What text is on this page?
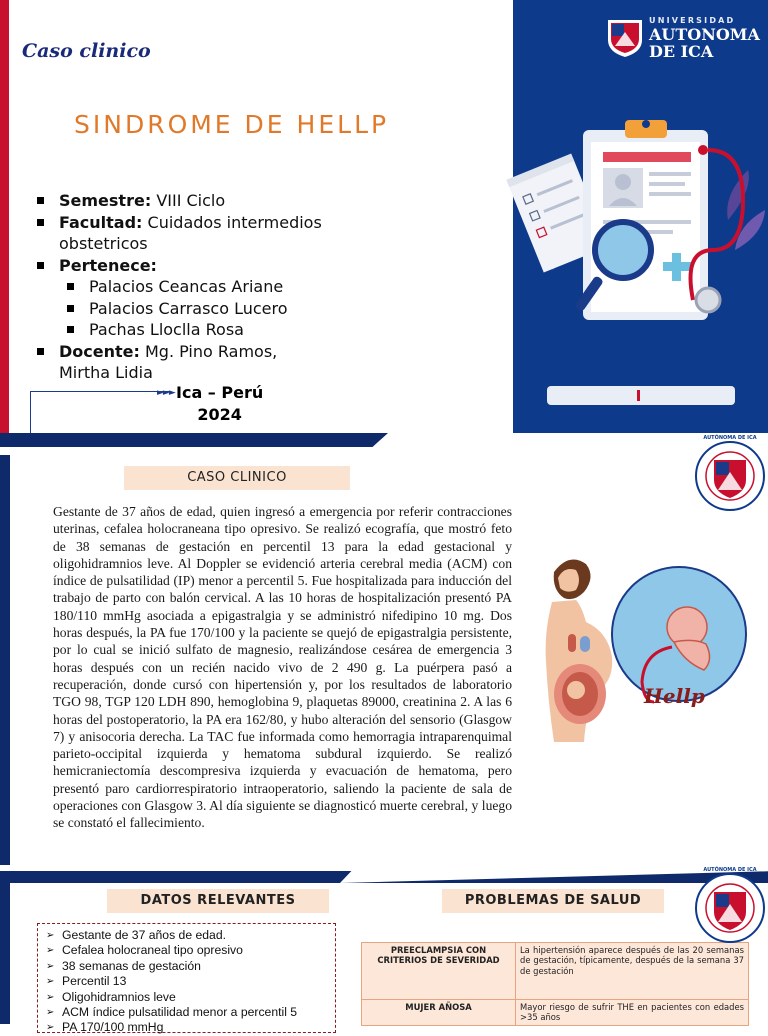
Caso clinico
SINDROME DE HELLP
Semestre: VIII Ciclo
Facultad: Cuidados intermedios obstetricos
Pertenece:
Palacios Ceancas Ariane
Palacios Carrasco Lucero
Pachas Lloclla Rosa
Docente: Mg. Pino Ramos, Mirtha Lidia
►►► Ica – Perú
2024
UNIVERSIDAD
AUTONOMA
DE ICA
CASO CLINICO

Gestante de 37 años de edad, quien ingresó a emergencia por referir contracciones uterinas, cefalea holocraneana tipo opresivo. Se realizó ecografía, que mostró feto de 38 semanas de gestación en percentil 13 para la edad gestacional y oligohidramnios leve. Al Doppler se evidenció arteria cerebral media (ACM) con índice de pulsatilidad (IP) menor a percentil 5. Fue hospitalizada para inducción del trabajo de parto con balón cervical. A las 10 horas de hospitalización presentó PA 180/110 mmHg asociada a epigastralgia y se administró nifedipino 10 mg. Dos horas después, la PA fue 170/100 y la paciente se quejó de epigastralgia persistente, por lo cual se inició sulfato de magnesio, realizándose cesárea de emergencia 3 horas después con un recién nacido vivo de 2 490 g. La puérpera pasó a recuperación, donde cursó con hipertensión y, por los resultados de laboratorio TGO 98, TGP 120 LDH 890, hemoglobina 9, plaquetas 89000, creatinina 2. A las 6 horas del postoperatorio, la PA era 162/80, y hubo alteración del sensorio (Glasgow 7) y anisocoria derecha. La TAC fue informada como hemorragia intraparenquimal parieto-occipital izquierda y hematoma subdural izquierdo. Se realizó hemicraniectomía descompresiva izquierda y evacuación de hematoma, pero presentó paro cardiorrespiratorio intraoperatorio, saliendo la paciente de sala de operaciones con Glasgow 3. Al día siguiente se diagnosticó muerte cerebral, y luego se constató el fallecimiento.

AUTÓNOMA DE ICA
Hellp
DATOS RELEVANTES	PROBLEMAS DE SALUD
➢ Gestante de 37 años de edad.
➢ Cefalea holocraneal tipo opresivo
➢ 38 semanas de gestación
➢ Percentil 13
➢ Oligohidramnios leve
➢ ACM índice pulsatilidad menor a percentil 5
➢ PA 170/100 mmHg
PREECLAMPSIA CON CRITERIOS DE SEVERIDAD	La hipertensión aparece después de las 20 semanas de gestación, típicamente, después de la semana 37 de gestación
MUJER AÑOSA	Mayor riesgo de sufrir THE en pacientes con edades >35 años
AUTÓNOMA DE ICA
